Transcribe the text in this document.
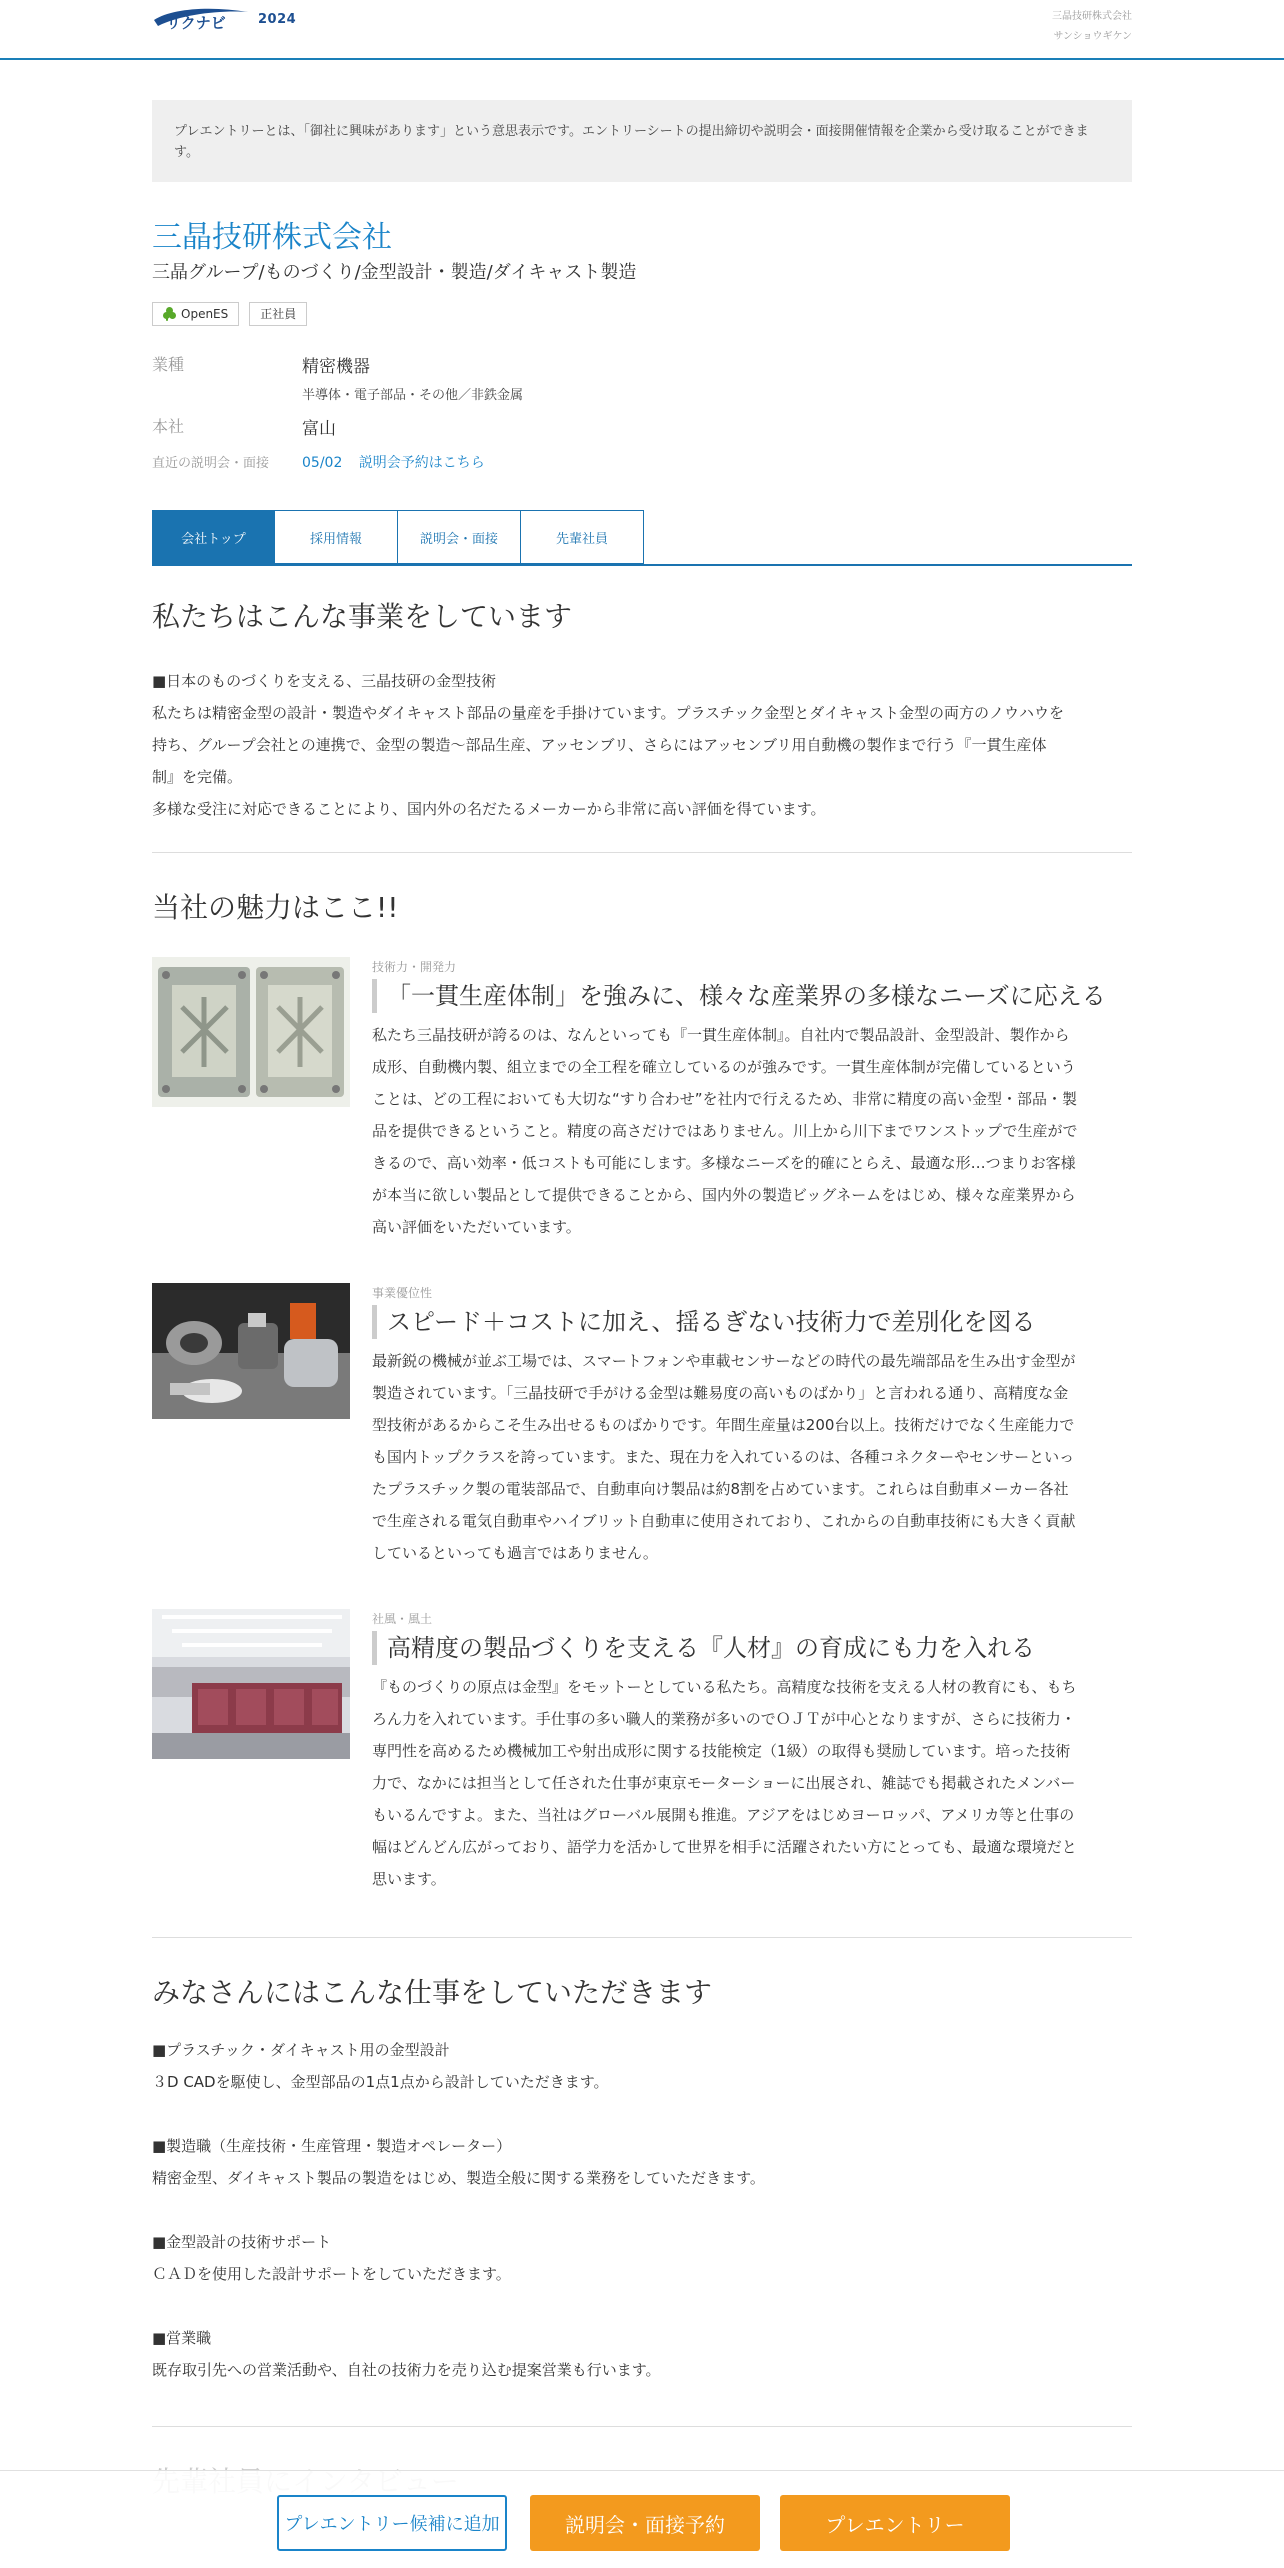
リクナビ 2024	三晶技研株式会社
サンショウギケン
プレエントリーとは、「御社に興味があります」という意思表示です。エントリーシートの提出締切や説明会・面接開催情報を企業から受け取ることができます。
三晶技研株式会社
三晶グループ/ものづくり/金型設計・製造/ダイキャスト製造
OpenES	正社員
業種	精密機器
半導体・電子部品・その他／非鉄金属
本社	富山
直近の説明会・面接 05/02 説明会予約はこちら
会社トップ	採用情報	説明会・面接	先輩社員
私たちはこんな事業をしています
■日本のものづくりを支える、三晶技研の金型技術
私たちは精密金型の設計・製造やダイキャスト部品の量産を手掛けています。プラスチック金型とダイキャスト金型の両方のノウハウを
持ち、グループ会社との連携で、金型の製造～部品生産、アッセンブリ、さらにはアッセンブリ用自動機の製作まで行う『一貫生産体
制』を完備。
多様な受注に対応できることにより、国内外の名だたるメーカーから非常に高い評価を得ています。
当社の魅力はここ!!
技術力・開発力
「一貫生産体制」を強みに、様々な産業界の多様なニーズに応える
私たち三晶技研が誇るのは、なんといっても『一貫生産体制』。自社内で製品設計、金型設計、製作から
成形、自動機内製、組立までの全工程を確立しているのが強みです。一貫生産体制が完備しているという
ことは、どの工程においても大切な“すり合わせ”を社内で行えるため、非常に精度の高い金型・部品・製
品を提供できるということ。精度の高さだけではありません。川上から川下までワンストップで生産がで
きるので、高い効率・低コストも可能にします。多様なニーズを的確にとらえ、最適な形…つまりお客様
が本当に欲しい製品として提供できることから、国内外の製造ビッグネームをはじめ、様々な産業界から
高い評価をいただいています。
事業優位性
スピード＋コストに加え、揺るぎない技術力で差別化を図る
最新鋭の機械が並ぶ工場では、スマートフォンや車載センサーなどの時代の最先端部品を生み出す金型が
製造されています。「三晶技研で手がける金型は難易度の高いものばかり」と言われる通り、高精度な金
型技術があるからこそ生み出せるものばかりです。年間生産量は200台以上。技術だけでなく生産能力で
も国内トップクラスを誇っています。また、現在力を入れているのは、各種コネクターやセンサーといっ
たプラスチック製の電装部品で、自動車向け製品は約8割を占めています。これらは自動車メーカー各社
で生産される電気自動車やハイブリット自動車に使用されており、これからの自動車技術にも大きく貢献
しているといっても過言ではありません。
社風・風土
高精度の製品づくりを支える『人材』の育成にも力を入れる
『ものづくりの原点は金型』をモットーとしている私たち。高精度な技術を支える人材の教育にも、もち
ろん力を入れています。手仕事の多い職人的業務が多いのでＯＪＴが中心となりますが、さらに技術力・
専門性を高めるため機械加工や射出成形に関する技能検定（1級）の取得も奨励しています。培った技術
力で、なかには担当として任された仕事が東京モーターショーに出展され、雑誌でも掲載されたメンバー
もいるんですよ。また、当社はグローバル展開も推進。アジアをはじめヨーロッパ、アメリカ等と仕事の
幅はどんどん広がっており、語学力を活かして世界を相手に活躍されたい方にとっても、最適な環境だと
思います。
みなさんにはこんな仕事をしていただきます
■プラスチック・ダイキャスト用の金型設計
３D CADを駆使し、金型部品の1点1点から設計していただきます。
■製造職（生産技術・生産管理・製造オペレーター）
精密金型、ダイキャスト製品の製造をはじめ、製造全般に関する業務をしていただきます。
■金型設計の技術サポート
ＣＡＤを使用した設計サポートをしていただきます。
■営業職
既存取引先への営業活動や、自社の技術力を売り込む提案営業も行います。
プレエントリー候補に追加	説明会・面接予約	プレエントリー
